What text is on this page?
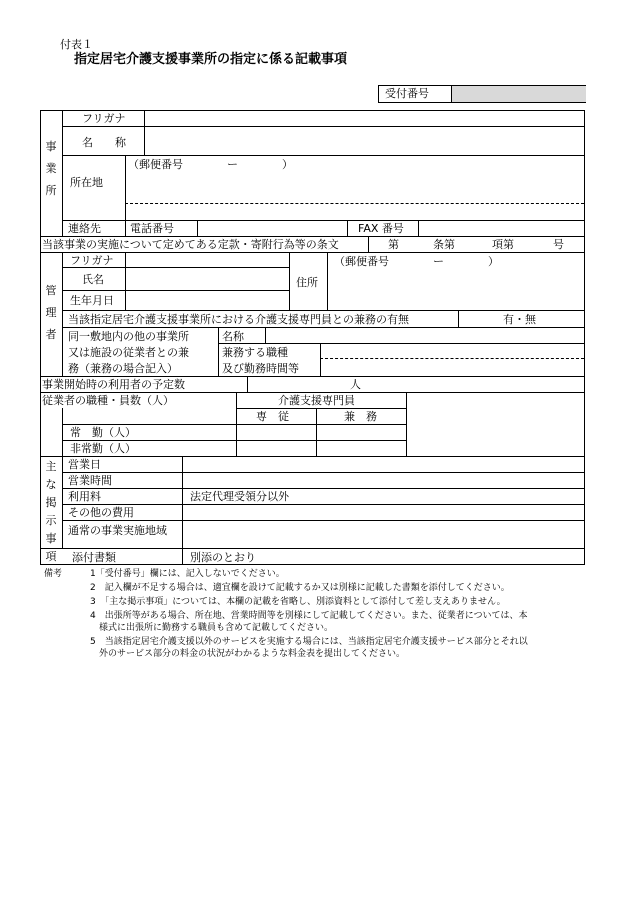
付表１
指定居宅介護支援事業所の指定に係る記載事項
受付番号
事
業
所
フリガナ
名　　称
（郵便番号　　　　ー　　　　）
所在地
連絡先	電話番号	FAX 番号
当該事業の実施について定めてある定款・寄附行為等の条文	第	条第	項第	号
管
理
者
フリガナ
氏名
生年月日
住所
（郵便番号　　　　ー　　　　）
当該指定居宅介護支援事業所における介護支援専門員との兼務の有無	有・無
同一敷地内の他の事業所
又は施設の従業者との兼
務（兼務の場合記入）
名称
兼務する職種
及び勤務時間等
事業開始時の利用者の予定数	人
従業者の職種・員数（人）	介護支援専門員
専　従	兼　務
常　勤（人）
非常勤（人）
主
な
掲
示
事
項
営業日
営業時間
利用料	法定代理受領分以外
その他の費用
通常の事業実施地域
添付書類	別添のとおり
備考	1「受付番号」欄には、記入しないでください。
2　記入欄が不足する場合は、適宜欄を設けて記載するか又は別様に記載した書類を添付してください。
3　「主な掲示事項」については、本欄の記載を省略し、別添資料として添付して差し支えありません。
4　出張所等がある場合、所在地、営業時間等を別様にして記載してください。また、従業者については、本
　様式に出張所に勤務する職員も含めて記載してください。
5　当該指定居宅介護支援以外のサービスを実施する場合には、当該指定居宅介護支援サービス部分とそれ以
　外のサービス部分の料金の状況がわかるような料金表を提出してください。
